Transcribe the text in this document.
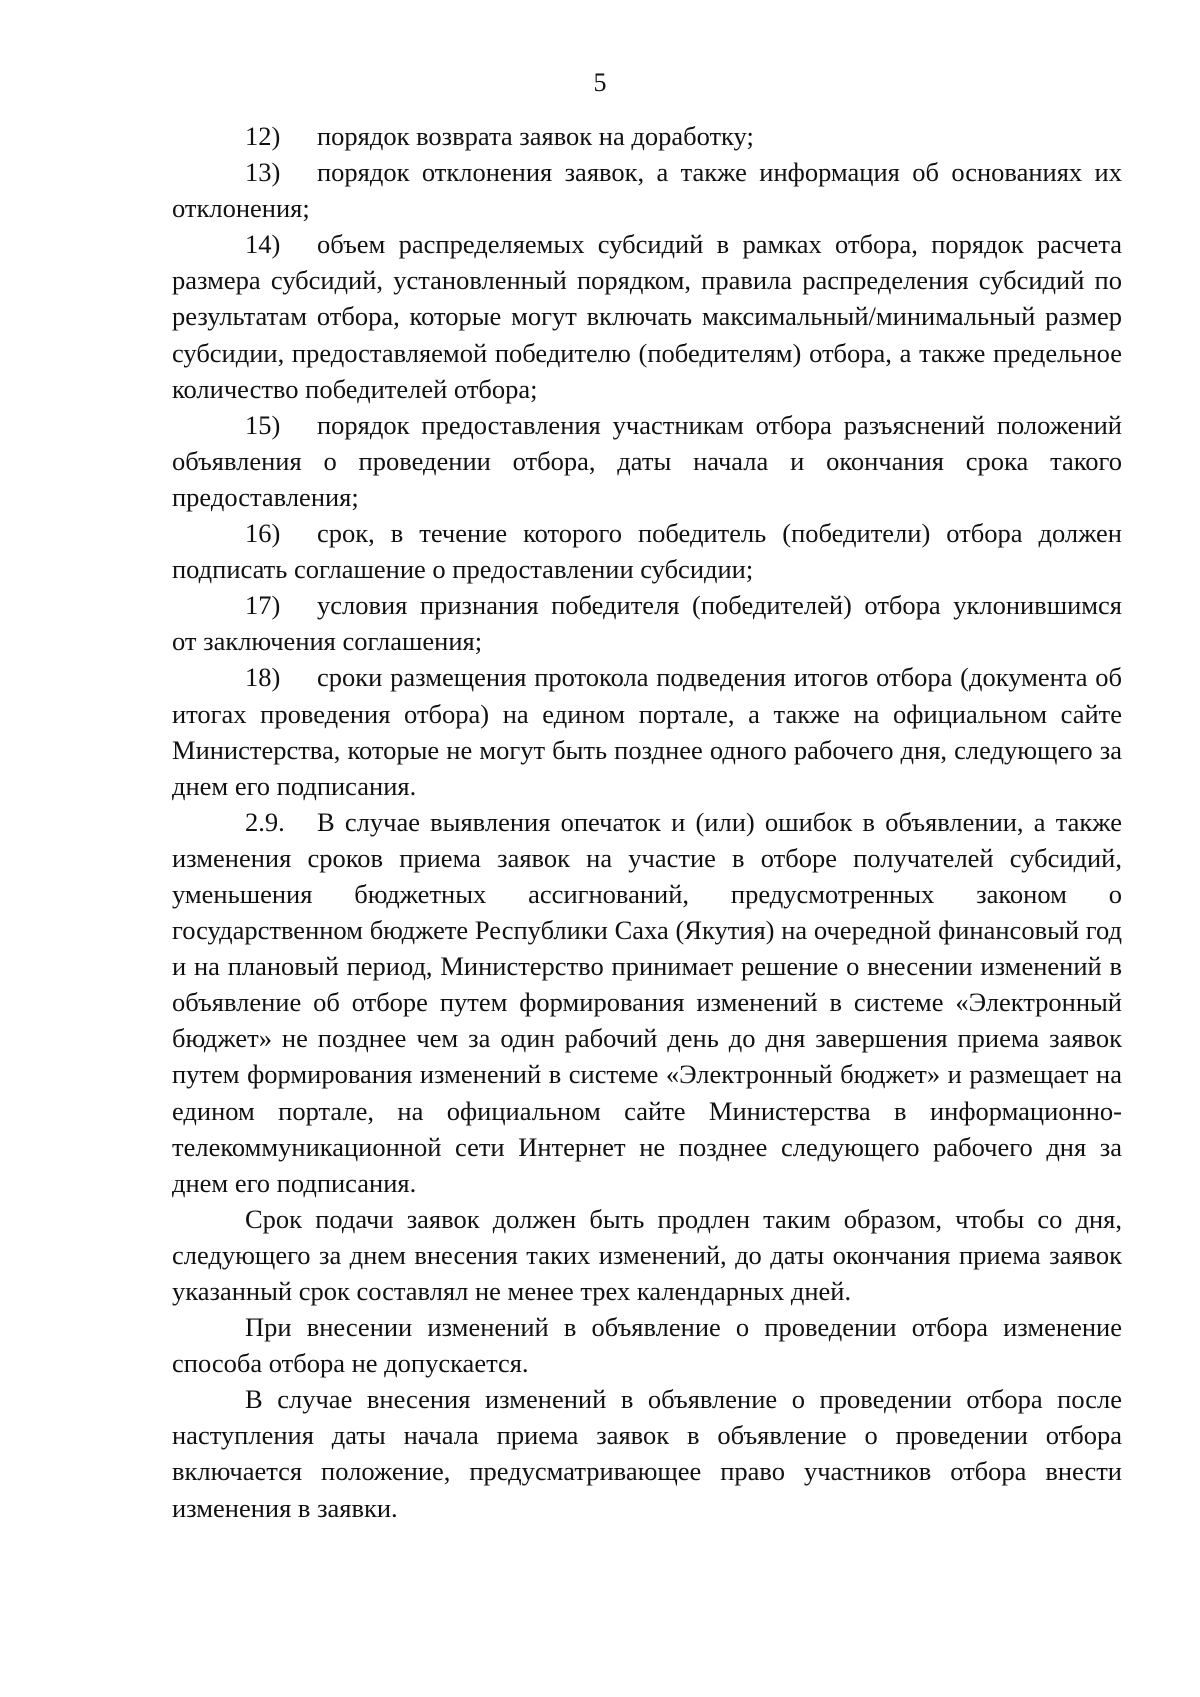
5

12) порядок возврата заявок на доработку;

13) порядок отклонения заявок, а также информация об основаниях их отклонения;

14) объем распределяемых субсидий в рамках отбора, порядок расчета размера субсидий, установленный порядком, правила распределения субсидий по результатам отбора, которые могут включать максимальный/минимальный размер субсидии, предоставляемой победителю (победителям) отбора, а также предельное количество победителей отбора;

15) порядок предоставления участникам отбора разъяснений положений объявления о проведении отбора, даты начала и окончания срока такого предоставления;

16) срок, в течение которого победитель (победители) отбора должен подписать соглашение о предоставлении субсидии;

17) условия признания победителя (победителей) отбора уклонившимся от заключения соглашения;

18) сроки размещения протокола подведения итогов отбора (документа об итогах проведения отбора) на едином портале, а также на официальном сайте Министерства, которые не могут быть позднее одного рабочего дня, следующего за днем его подписания.

2.9. В случае выявления опечаток и (или) ошибок в объявлении, а также изменения сроков приема заявок на участие в отборе получателей субсидий, уменьшения бюджетных ассигнований, предусмотренных законом о государственном бюджете Республики Саха (Якутия) на очередной финансовый год и на плановый период, Министерство принимает решение о внесении изменений в объявление об отборе путем формирования изменений в системе «Электронный бюджет» не позднее чем за один рабочий день до дня завершения приема заявок путем формирования изменений в системе «Электронный бюджет» и размещает на едином портале, на официальном сайте Министерства в информационно-телекоммуникационной сети Интернет не позднее следующего рабочего дня за днем его подписания.

Срок подачи заявок должен быть продлен таким образом, чтобы со дня, следующего за днем внесения таких изменений, до даты окончания приема заявок указанный срок составлял не менее трех календарных дней.

При внесении изменений в объявление о проведении отбора изменение способа отбора не допускается.

В случае внесения изменений в объявление о проведении отбора после наступления даты начала приема заявок в объявление о проведении отбора включается положение, предусматривающее право участников отбора внести изменения в заявки.
